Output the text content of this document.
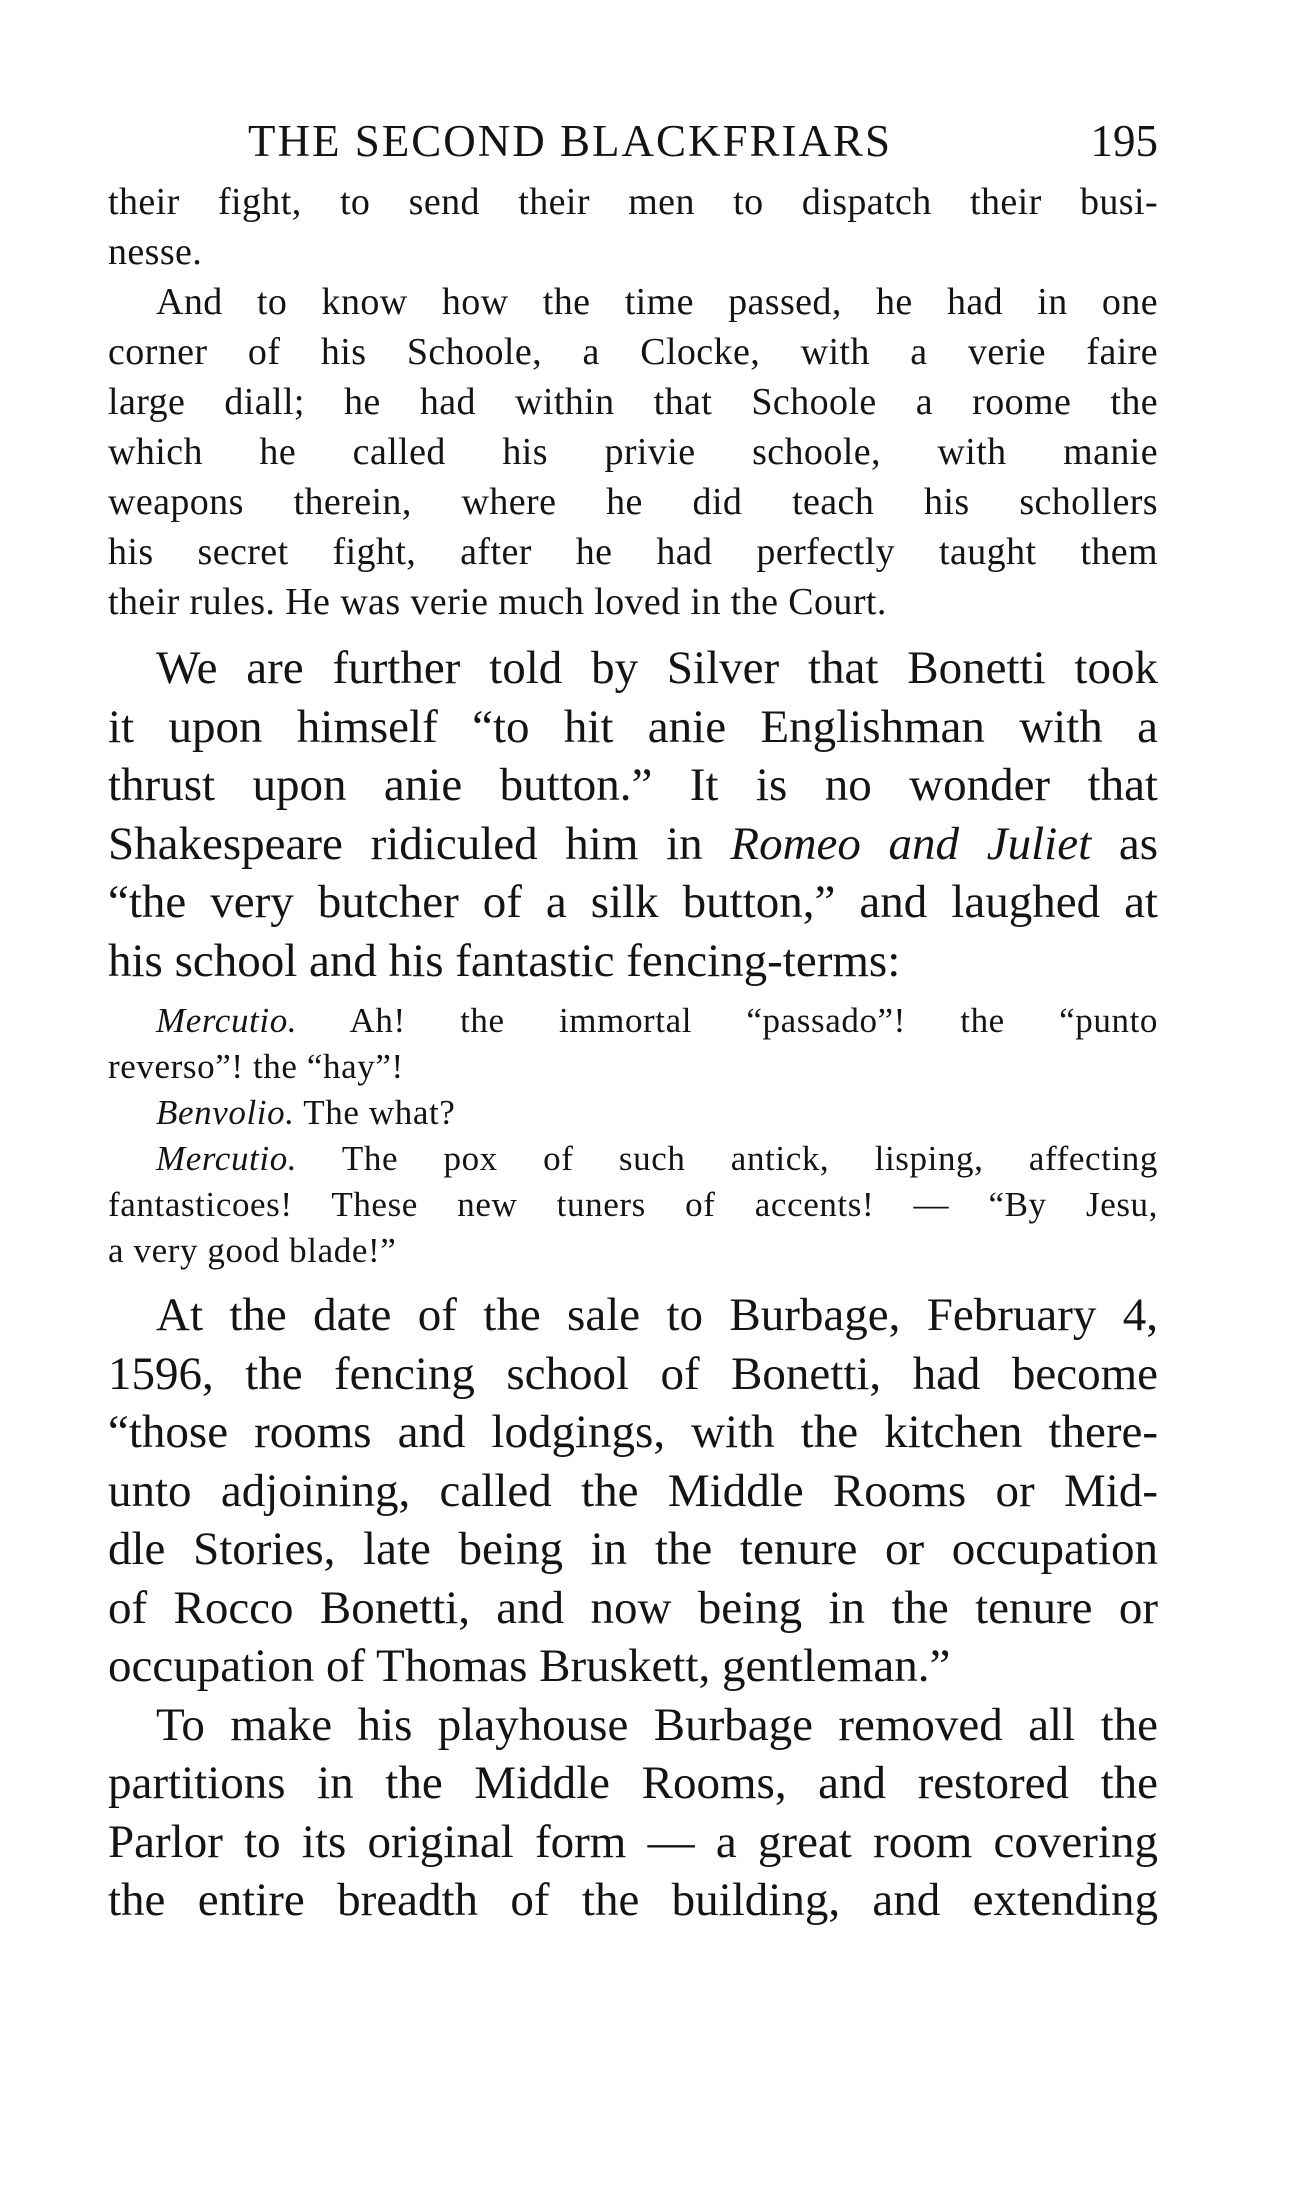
THE SECOND BLACKFRIARS	195
their fight, to send their men to dispatch their busi-
nesse.
And to know how the time passed, he had in one
corner of his Schoole, a Clocke, with a verie faire
large diall; he had within that Schoole a roome the
which he called his privie schoole, with manie
weapons therein, where he did teach his schollers
his secret fight, after he had perfectly taught them
their rules. He was verie much loved in the Court.
We are further told by Silver that Bonetti took
it upon himself “to hit anie Englishman with a
thrust upon anie button.” It is no wonder that
Shakespeare ridiculed him in Romeo and Juliet as
“the very butcher of a silk button,” and laughed at
his school and his fantastic fencing-terms:
Mercutio. Ah! the immortal “passado”! the “punto
reverso”! the “hay”!
Benvolio. The what?
Mercutio. The pox of such antick, lisping, affecting
fantasticoes! These new tuners of accents! — “By Jesu,
a very good blade!”
At the date of the sale to Burbage, February 4,
1596, the fencing school of Bonetti, had become
“those rooms and lodgings, with the kitchen there-
unto adjoining, called the Middle Rooms or Mid-
dle Stories, late being in the tenure or occupation
of Rocco Bonetti, and now being in the tenure or
occupation of Thomas Bruskett, gentleman.”
To make his playhouse Burbage removed all the
partitions in the Middle Rooms, and restored the
Parlor to its original form — a great room covering
the entire breadth of the building, and extending
